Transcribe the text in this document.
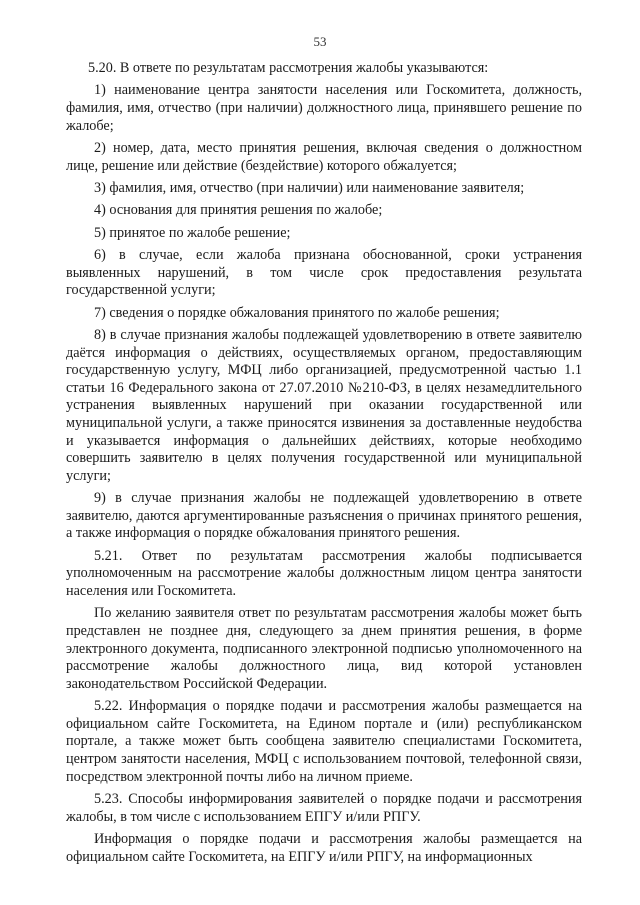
53

5.20. В ответе по результатам рассмотрения жалобы указываются:

1) наименование центра занятости населения или Госкомитета, должность, фамилия, имя, отчество (при наличии) должностного лица, принявшего решение по жалобе;

2) номер, дата, место принятия решения, включая сведения о должностном лице, решение или действие (бездействие) которого обжалуется;

3) фамилия, имя, отчество (при наличии) или наименование заявителя;

4) основания для принятия решения по жалобе;

5) принятое по жалобе решение;

6) в случае, если жалоба признана обоснованной, сроки устранения выявленных нарушений, в том числе срок предоставления результата государственной услуги;

7) сведения о порядке обжалования принятого по жалобе решения;

8) в случае признания жалобы подлежащей удовлетворению в ответе заявителю даётся информация о действиях, осуществляемых органом, предоставляющим государственную услугу, МФЦ либо организацией, предусмотренной частью 1.1 статьи 16 Федерального закона от 27.07.2010 №210-ФЗ, в целях незамедлительного устранения выявленных нарушений при оказании государственной или муниципальной услуги, а также приносятся извинения за доставленные неудобства и указывается информация о дальнейших действиях, которые необходимо совершить заявителю в целях получения государственной или муниципальной услуги;

9) в случае признания жалобы не подлежащей удовлетворению в ответе заявителю, даются аргументированные разъяснения о причинах принятого решения, а также информация о порядке обжалования принятого решения.

5.21. Ответ по результатам рассмотрения жалобы подписывается уполномоченным на рассмотрение жалобы должностным лицом центра занятости населения или Госкомитета.

По желанию заявителя ответ по результатам рассмотрения жалобы может быть представлен не позднее дня, следующего за днем принятия решения, в форме электронного документа, подписанного электронной подписью уполномоченного на рассмотрение жалобы должностного лица, вид которой установлен законодательством Российской Федерации.

5.22. Информация о порядке подачи и рассмотрения жалобы размещается на официальном сайте Госкомитета, на Едином портале и (или) республиканском портале, а также может быть сообщена заявителю специалистами Госкомитета, центром занятости населения, МФЦ с использованием почтовой, телефонной связи, посредством электронной почты либо на личном приеме.

5.23. Способы информирования заявителей о порядке подачи и рассмотрения жалобы, в том числе с использованием ЕПГУ и/или РПГУ.

Информация о порядке подачи и рассмотрения жалобы размещается на официальном сайте Госкомитета, на ЕПГУ и/или РПГУ, на информационных
